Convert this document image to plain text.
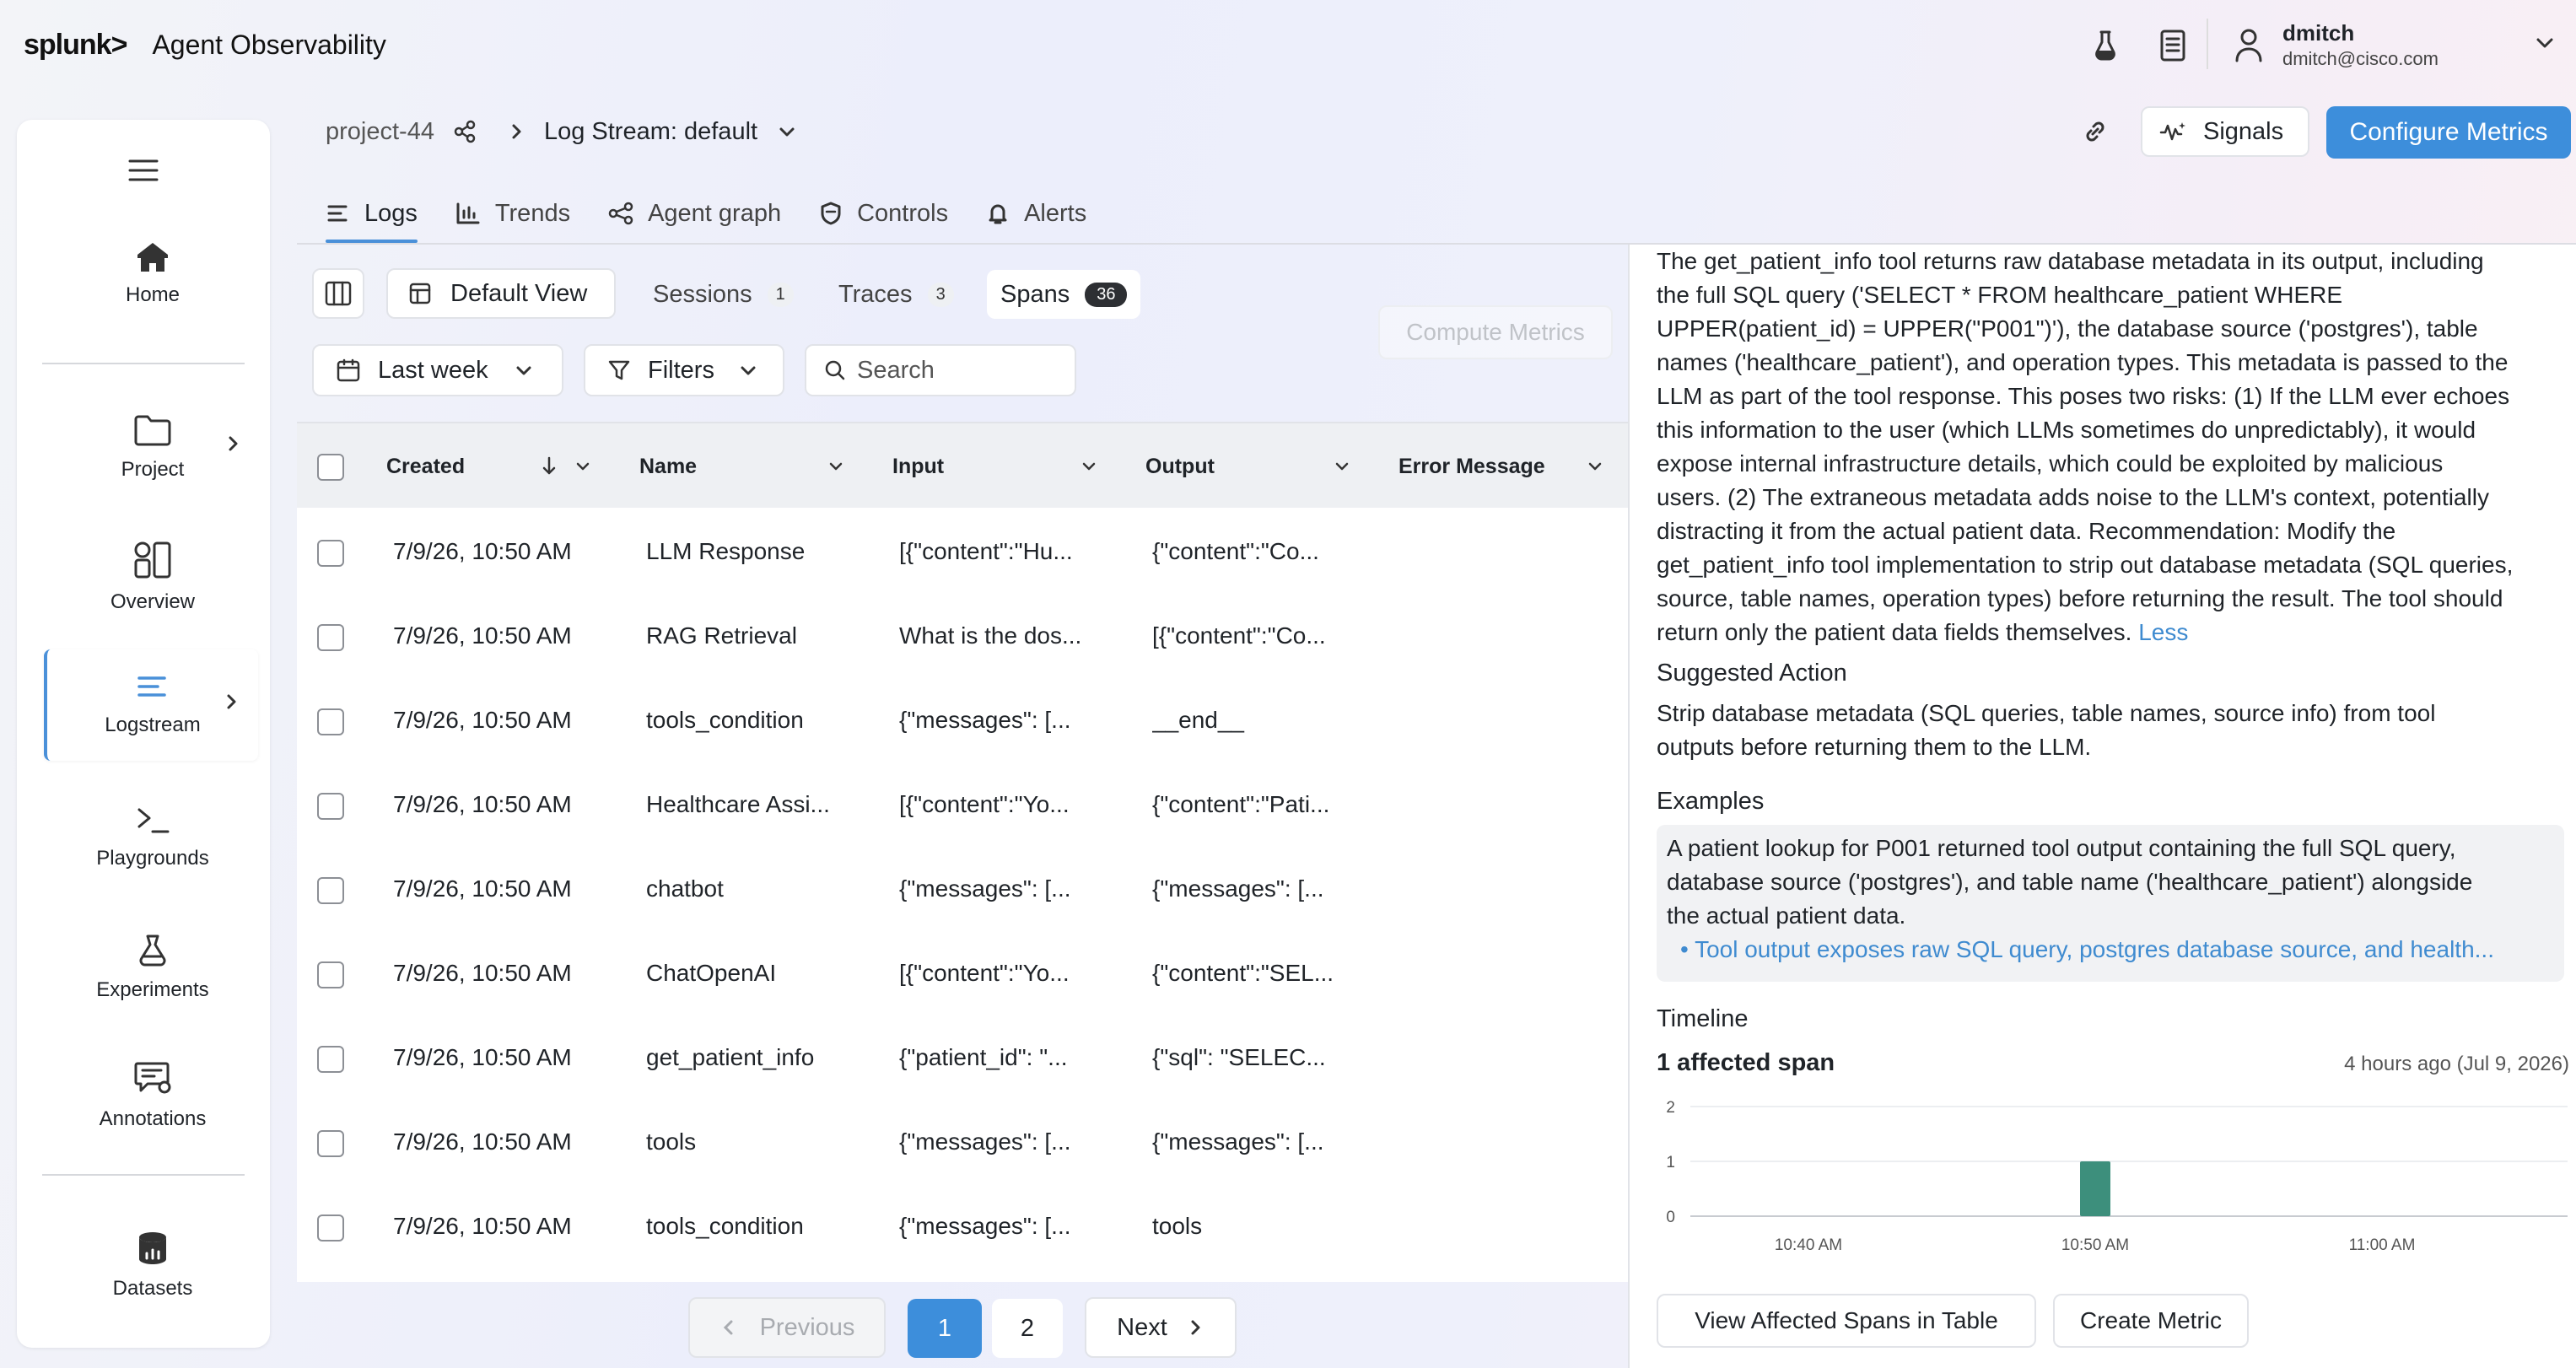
splunk> Agent Observability	dmitch
dmitch@cisco.com
Home
Project
Overview
Logstream
Playgrounds
Experiments
Annotations
Datasets
project-44	Log Stream: default	Signals	Configure Metrics
Logs	Trends	Agent graph	Controls	Alerts
Default View	Sessions	1	Traces	3	Spans	36
Compute Metrics
Last week	Filters	Search
Created	Name	Input	Output	Error Message
7/9/26, 10:50 AM	LLM Response	[{"content":"Hu...	{"content":"Co...
7/9/26, 10:50 AM	RAG Retrieval	What is the dos...	[{"content":"Co...
7/9/26, 10:50 AM	tools_condition	{"messages": [...	__end__
7/9/26, 10:50 AM	Healthcare Assi...	[{"content":"Yo...	{"content":"Pati...
7/9/26, 10:50 AM	chatbot	{"messages": [...	{"messages": [...
7/9/26, 10:50 AM	ChatOpenAI	[{"content":"Yo...	{"content":"SEL...
7/9/26, 10:50 AM	get_patient_info	{"patient_id": "...	{"sql": "SELEC...
7/9/26, 10:50 AM	tools	{"messages": [...	{"messages": [...
7/9/26, 10:50 AM	tools_condition	{"messages": [...	tools
Previous	1	2	Next
The get_patient_info tool returns raw database metadata in its output, including
the full SQL query ('SELECT * FROM healthcare_patient WHERE
UPPER(patient_id) = UPPER("P001")'), the database source ('postgres'), table
names ('healthcare_patient'), and operation types. This metadata is passed to the
LLM as part of the tool response. This poses two risks: (1) If the LLM ever echoes
this information to the user (which LLMs sometimes do unpredictably), it would
expose internal infrastructure details, which could be exploited by malicious
users. (2) The extraneous metadata adds noise to the LLM's context, potentially
distracting it from the actual patient data. Recommendation: Modify the
get_patient_info tool implementation to strip out database metadata (SQL queries,
source, table names, operation types) before returning the result. The tool should
return only the patient data fields themselves. Less
Suggested Action
Strip database metadata (SQL queries, table names, source info) from tool
outputs before returning them to the LLM.
Examples
A patient lookup for P001 returned tool output containing the full SQL query,
database source ('postgres'), and table name ('healthcare_patient') alongside
the actual patient data.
• Tool output exposes raw SQL query, postgres database source, and health...
Timeline
1 affected span	4 hours ago (Jul 9, 2026)
0
1
2
10:40 AM	10:50 AM	11:00 AM
View Affected Spans in Table	Create Metric
